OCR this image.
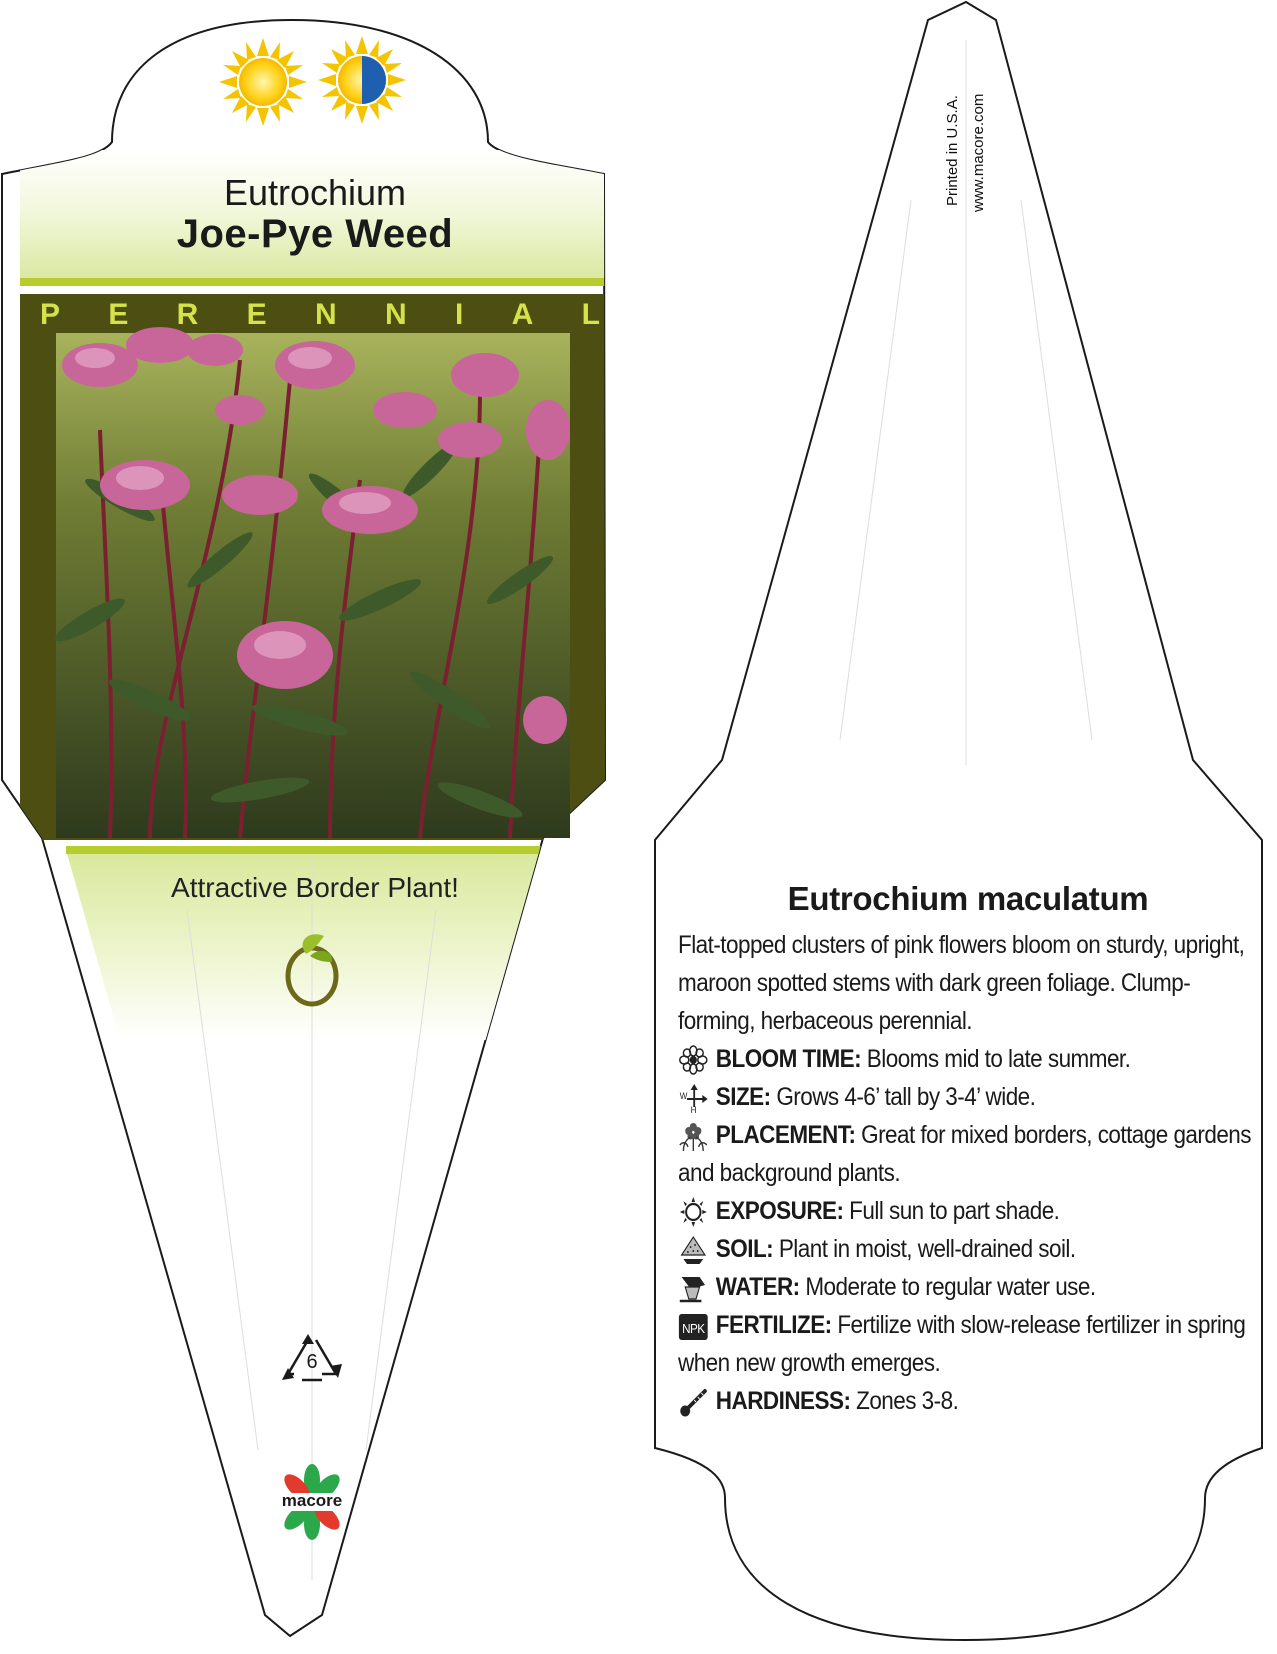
Eutrochium
Joe-Pye Weed
P E R E N N I A L
Attractive Border Plant!
6
macore
Printed in U.S.A. www.macore.com
Eutrochium maculatum
Flat-topped clusters of pink flowers bloom on sturdy, upright, maroon spotted stems with dark green foliage. Clump-forming, herbaceous perennial.
BLOOM TIME: Blooms mid to late summer.
W
H SIZE: Grows 4-6’ tall by 3-4’ wide.
PLACEMENT: Great for mixed borders, cottage gardens and background plants.
EXPOSURE: Full sun to part shade.
SOIL: Plant in moist, well-drained soil.
WATER: Moderate to regular water use.
NPK FERTILIZE: Fertilize with slow-release fertilizer in spring when new growth emerges.
HARDINESS: Zones 3-8.
